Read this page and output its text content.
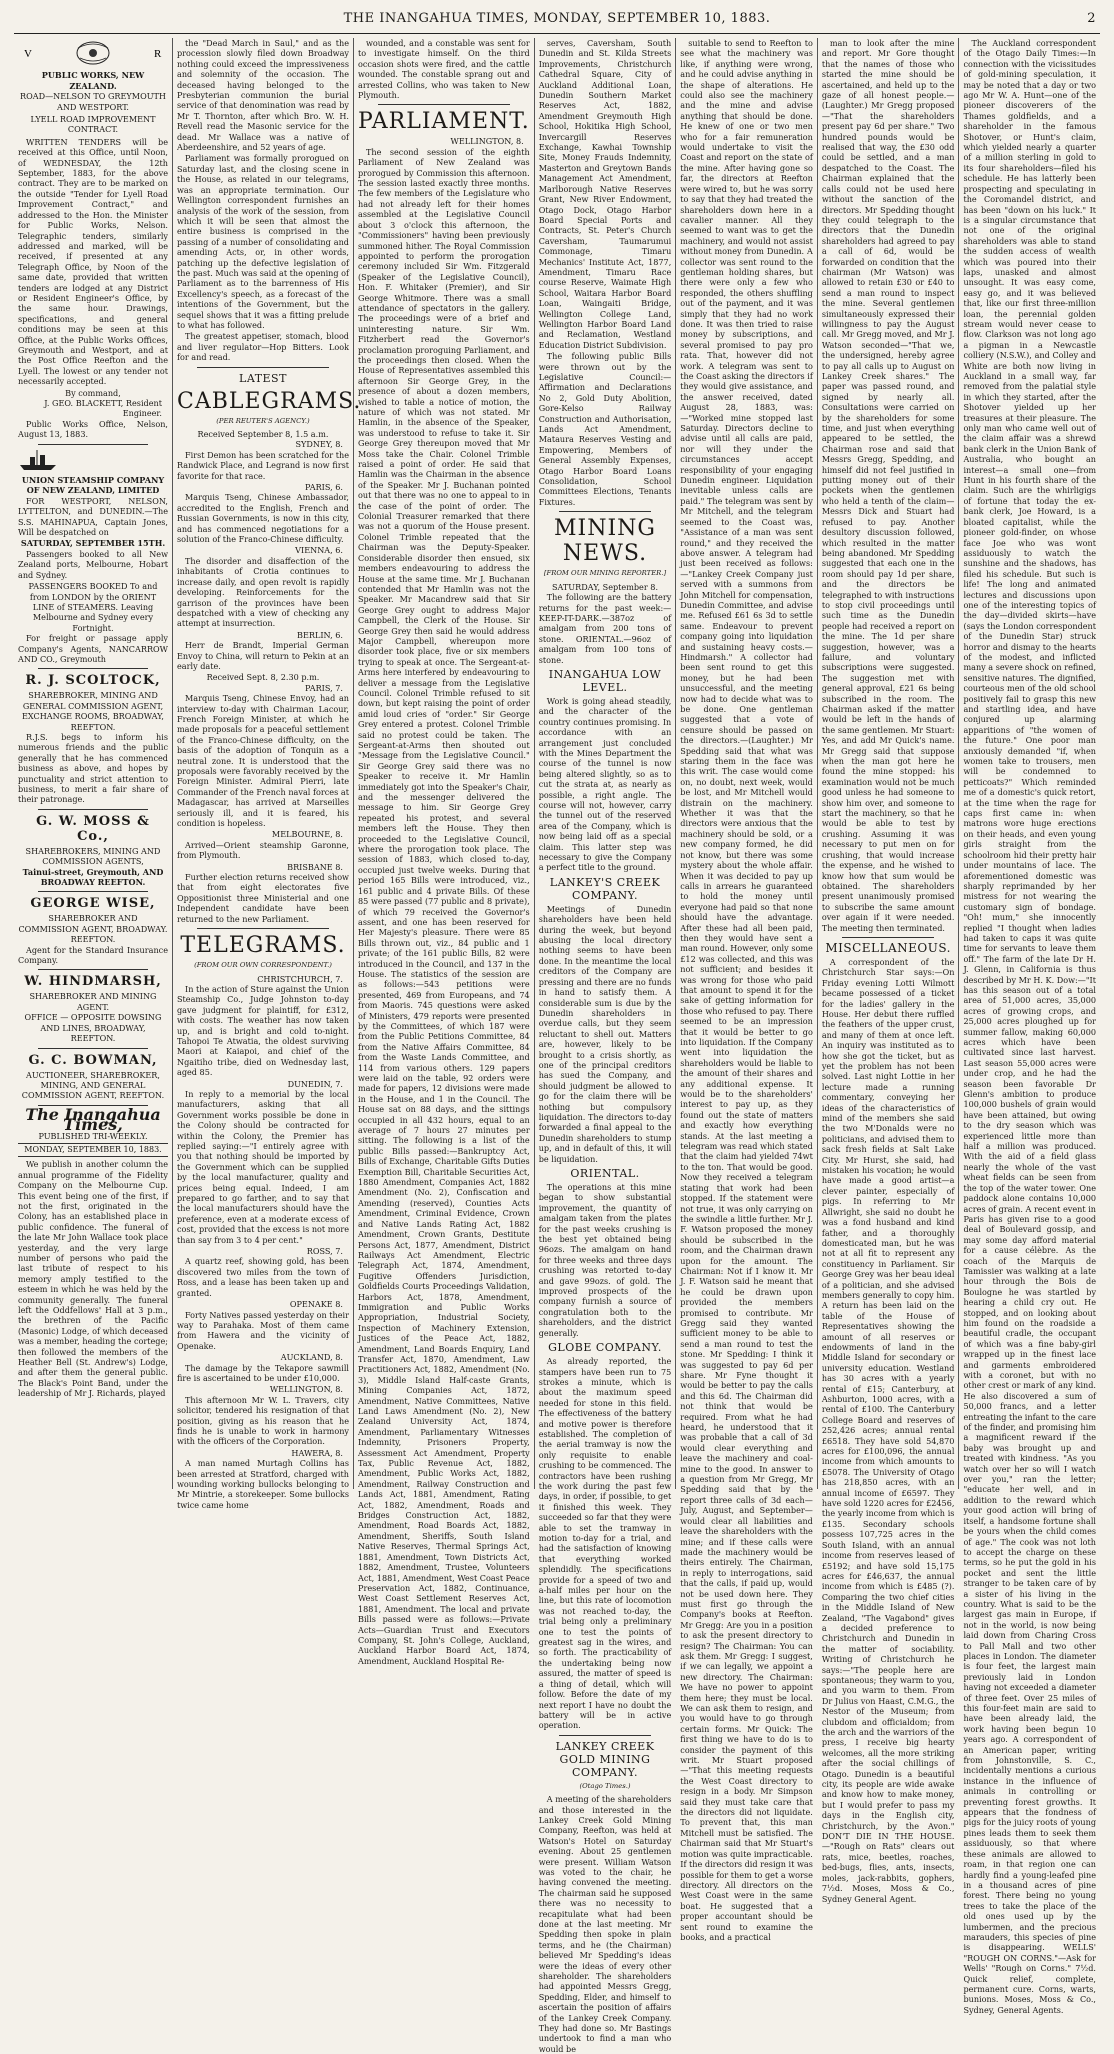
THE INANGAHUA TIMES, MONDAY, SEPTEMBER 10, 1883.	2
V	R
PUBLIC WORKS, NEW ZEALAND.
ROAD—NELSON TO GREYMOUTH AND WESTPORT.
LYELL ROAD IMPROVEMENT CONTRACT.
WRITTEN TENDERS will be received at this Office, until Noon, of WEDNESDAY, the 12th September, 1883, for the above contract. They are to be marked on the outside "Tender for Lyell Road Improvement Contract," and addressed to the Hon. the Minister for Public Works, Nelson. Telegraphic tenders, similarly addressed and marked, will be received, if presented at any Telegraph Office, by Noon of the same date, provided that written tenders are lodged at any District or Resident Engineer's Office, by the same hour. Drawings, specifications, and general conditions may be seen at this Office, at the Public Works Offices, Greymouth and Westport, and at the Post Office Reefton and the Lyell. The lowest or any tender not necessarily accepted.
By command,
J. GEO. BLACKETT, Resident Engineer.
Public Works Office, Nelson, August 13, 1883.
UNION STEAMSHIP COMPANY OF NEW ZEALAND, LIMITED
FOR WESTPORT, NELSON, LYTTELTON, and DUNEDIN.—The S.S. MAHINAPUA, Captain Jones, Will be despatched on
SATURDAY, SEPTEMBER 15TH.
Passengers booked to all New Zealand ports, Melbourne, Hobart and Sydney.
PASSENGERS BOOKED To and from LONDON by the ORIENT LINE of STEAMERS. Leaving Melbourne and Sydney every Fortnight.
For freight or passage apply Company's Agents, NANCARROW AND CO., Greymouth
R. J. SCOLTOCK,
SHAREBROKER, MINING AND GENERAL COMMISSION AGENT, EXCHANGE ROOMS, BROADWAY, REEFTON.
R.J.S. begs to inform his numerous friends and the public generally that he has commenced business as above, and hopes by punctuality and strict attention to business, to merit a fair share of their patronage.
G. W. MOSS & Co.,
SHAREBROKERS, MINING AND COMMISSION AGENTS,
Tainui-street, Greymouth, AND BROADWAY REEFTON.
GEORGE WISE,
SHAREBROKER AND COMMISSION AGENT, BROADWAY. REEFTON.
Agent for the Standard Insurance Company.
W. HINDMARSH,
SHAREBROKER AND MINING AGENT.
OFFICE — OPPOSITE DOWSING AND LINES, BROADWAY, REEFTON.
G. C. BOWMAN,
AUCTIONEER, SHAREBROKER, MINING, AND GENERAL COMMISSION AGENT, REEFTON.
The Inangahua Times,
PUBLISHED TRI-WEEKLY.
MONDAY, SEPTEMBER 10, 1883.
We publish in another column the annual programme of the Fidelity Company on the Melbourne Cup. This event being one of the first, if not the first, originated in the Colony, has an established place in public confidence. The funeral of the late Mr John Wallace took place yesterday, and the very large number of persons who paid the last tribute of respect to his memory amply testified to the esteem in which he was held by the community generally. The funeral left the Oddfellows' Hall at 3 p.m., the brethren of the Pacific (Masonic) Lodge, of which deceased was a member, heading the cortege; then followed the members of the Heather Bell (St. Andrew's) Lodge, and after them the general public. The Black's Point Band, under the leadership of Mr J. Richards, played
the "Dead March in Saul," and as the procession slowly filed down Broadway nothing could exceed the impressiveness and solemnity of the occasion. The deceased having belonged to the Presbyterian communion the burial service of that denomination was read by Mr T. Thornton, after which Bro. W. H. Revell read the Masonic service for the dead. Mr Wallace was a native of Aberdeenshire, and 52 years of age.
Parliament was formally prorogued on Saturday last, and the closing scene in the House, as related in our telegrams, was an appropriate termination. Our Wellington correspondent furnishes an analysis of the work of the session, from which it will be seen that almost the entire business is comprised in the passing of a number of consolidating and amending Acts, or, in other words, patching up the defective legislation of the past. Much was said at the opening of Parliament as to the barrenness of His Excellency's speech, as a forecast of the intentions of the Government, but the sequel shows that it was a fitting prelude to what has followed.
The greatest appetiser, stomach, blood and liver regulator—Hop Bitters. Look for and read.
LATEST
CABLEGRAMS.
(PER REUTER'S AGENCY.)
Received September 8, 1.5 a.m.
SYDNEY, 8.
First Demon has been scratched for the Randwick Place, and Legrand is now first favorite for that race.
PARIS, 6.
Marquis Tseng, Chinese Ambassador, accredited to the English, French and Russian Governments, is now in this city, and has commenced negotiations for a solution of the Franco-Chinese difficulty.
VIENNA, 6.
The disorder and disaffection of the inhabitants of Crotia continues to increase daily, and open revolt is rapidly developing. Reinforcements for the garrison of the provinces have been despatched with a view of checking any attempt at insurrection.
BERLIN, 6.
Herr de Brandt, Imperial German Envoy to China, will return to Pekin at an early date.
Received Sept. 8, 2.30 p.m.
PARIS, 7.
Marquis Tseng, Chinese Envoy, had an interview to-day with Chairman Lacour, French Foreign Minister, at which he made proposals for a peaceful settlement of the Franco-Chinese difficulty, on the basis of the adoption of Tonquin as a neutral zone. It is understood that the proposals were favorably received by the Foreign Minister. Admiral Pierri, late Commander of the French naval forces at Madagascar, has arrived at Marseilles seriously ill, and it is feared, his condition is hopeless.
MELBOURNE, 8.
Arrived—Orient steamship Garonne, from Plymouth.
BRISBANE 8.
Further election returns received show that from eight electorates five Oppositionist three Ministerial and one Independent candidate have been returned to the new Parliament.
TELEGRAMS.
(FROM OUR OWN CORRESPONDENT.)
CHRISTCHURCH, 7.
In the action of Sture against the Union Steamship Co., Judge Johnston to-day gave judgment for plaintiff, for £312, with costs. The weather has now taken up, and is bright and cold to-night. Tahopoi Te Atwatia, the oldest surviving Maori at Kaiapoi, and chief of the Ngaitiho tribe, died on Wednesday last, aged 85.
DUNEDIN, 7.
In reply to a memorial by the local manufacturers, asking that all Government works possible be done in the Colony should be contracted for within the Colony, the Premier has replied saying:—"I entirely agree with you that nothing should be imported by the Government which can be supplied by the local manufacturer, quality and prices being equal. Indeed, I am prepared to go farther, and to say that the local manufacturers should have the preference, even at a moderate excess of cost, provided that the excess is not more than say from 3 to 4 per cent."
ROSS, 7.
A quartz reef, showing gold, has been discovered two miles from the town of Ross, and a lease has been taken up and granted.
OPENAKE 8.
Forty Natives passed yesterday on their way to Parahaka. Most of them came from Hawera and the vicinity of Openake.
AUCKLAND, 8.
The damage by the Tekapore sawmill fire is ascertained to be under £10,000.
WELLINGTON, 8.
This afternoon Mr W. L. Travers, city solicitor, tendered his resignation of that position, giving as his reason that he finds he is unable to work in harmony with the officers of the Corporation.
HAWERA, 8.
A man named Murtagh Collins has been arrested at Stratford, charged with wounding working bullocks belonging to Mr Mintrie, a storekeeper. Some bullocks twice came home
wounded, and a constable was sent for to investigate himself. On the third occasion shots were fired, and the cattle wounded. The constable sprang out and arrested Collins, who was taken to New Plymouth.
PARLIAMENT.
WELLINGTON, 8.
The second session of the eighth Parliament of New Zealand was prorogued by Commission this afternoon. The session lasted exactly three months. The few members of the Legislature who had not already left for their homes assembled at the Legislative Council about 3 o'clock this afternoon, the "Commissioners" having been previously summoned hither. The Royal Commission appointed to perform the prorogation ceremony included Sir Wm. Fitzgerald (Speaker of the Legislative Council), Hon. F. Whitaker (Premier), and Sir George Whitmore. There was a small attendance of spectators in the gallery. The proceedings were of a brief and uninteresting nature. Sir Wm. Fitzherbert read the Governor's proclamation proroguing Parliament, and the proceedings then closed. When the House of Representatives assembled this afternoon Sir George Grey, in the presence of about a dozen members, wished to table a notice of motion, the nature of which was not stated. Mr Hamlin, in the absence of the Speaker, was understood to refuse to take it. Sir George Grey thereupon moved that Mr Moss take the Chair. Colonel Trimble raised a point of order. He said that Hamlin was the Chairman in the absence of the Speaker. Mr J. Buchanan pointed out that there was no one to appeal to in the case of the point of order. The Colonial Treasurer remarked that there was not a quorum of the House present. Colonel Trimble repeated that the Chairman was the Deputy-Speaker. Considerable disorder then ensued, six members endeavouring to address the House at the same time. Mr J. Buchanan contended that Mr Hamlin was not the Speaker. Mr Macandrew said that Sir George Grey ought to address Major Campbell, the Clerk of the House. Sir George Grey then said he would address Major Campbell, whereupon more disorder took place, five or six members trying to speak at once. The Sergeant-at-Arms here interfered by endeavouring to deliver a message from the Legislative Council. Colonel Trimble refused to sit down, but kept raising the point of order amid loud cries of "order." Sir George Grey entered a protest. Colonel Trimble said no protest could be taken. The Sergeant-at-Arms then shouted out "Message from the Legislative Council." Sir George Grey said there was no Speaker to receive it. Mr Hamlin immediately got into the Speaker's Chair, and the messenger delivered the message to him. Sir George Grey repeated his protest, and several members left the House. They then proceeded to the Legislative Council, where the prorogation took place. The session of 1883, which closed to-day, occupied just twelve weeks. During that period 165 Bills were introduced, viz., 161 public and 4 private Bills. Of these 85 were passed (77 public and 8 private), of which 79 received the Governor's assent, and one has been reserved for Her Majesty's pleasure. There were 85 Bills thrown out, viz., 84 public and 1 private; of the 161 public Bills, 82 were introduced in the Council, and 137 in the House. The statistics of the session are as follows:—543 petitions were presented, 469 from Europeans, and 74 from Maoris. 745 questions were asked of Ministers, 479 reports were presented by the Committees, of which 187 were from the Public Petitions Committee, 84 from the Native Affairs Committee, 84 from the Waste Lands Committee, and 114 from various others. 129 papers were laid on the table, 92 orders were made for papers, 12 divisions were made in the House, and 1 in the Council. The House sat on 88 days, and the sittings occupied in all 432 hours, equal to an average of 7 hours 27 minutes per sitting. The following is a list of the public Bills passed:—Bankruptcy Act, Bills of Exchange, Charitable Gifts Duties Exemption Bill, Charitable Securities Act, 1880 Amendment, Companies Act, 1882 Amendment (No. 2), Confiscation and Amending (reserved), Counties Acts Amendment, Criminal Evidence, Crown and Native Lands Rating Act, 1882 Amendment, Crown Grants, Destitute Persons Act, 1877, Amendment, District Railways Act Amendment, Electric Telegraph Act, 1874, Amendment, Fugitive Offenders Jurisdiction, Goldfields Courts Proceedings Validation, Harbors Act, 1878, Amendment, Immigration and Public Works Appropriation, Industrial Society, Inspection of Machinery Extension, Justices of the Peace Act, 1882, Amendment, Land Boards Enquiry, Land Transfer Act, 1870, Amendment, Law Practitioners Act, 1882, Amendment (No. 3), Middle Island Half-caste Grants, Mining Companies Act, 1872, Amendment, Native Committees, Native Land Laws Amendment (No. 2), New Zealand University Act, 1874, Amendment, Parliamentary Witnesses Indemnity, Prisoners Property, Assessment Act Amendment, Property Tax, Public Revenue Act, 1882, Amendment, Public Works Act, 1882, Amendment, Railway Construction and Lands Act, 1881, Amendment, Rating Act, 1882, Amendment, Roads and Bridges Construction Act, 1882, Amendment, Road Boards Act, 1882, Amendment, Sheriffs, South Island Native Reserves, Thermal Springs Act, 1881, Amendment, Town Districts Act, 1882, Amendment, Trustee, Volunteers Act, 1881, Amendment, West Coast Peace Preservation Act, 1882, Continuance, West Coast Settlement Reserves Act, 1881, Amendment. The local and private Bills passed were as follows:—Private Acts—Guardian Trust and Executors Company, St. John's College, Auckland, Auckland Harbor Board Act, 1874, Amendment, Auckland Hospital Re-
serves, Caversham, South Dunedin and St. Kilda Streets Improvements, Christchurch Cathedral Square, City of Auckland Additional Loan, Dunedin Southern Market Reserves Act, 1882, Amendment Greymouth High School, Hokitika High School, Invercargill Reserves Exchange, Kawhai Township Site, Money Frauds Indemnity, Masterton and Greytown Bands Management Act Amendment, Marlborough Native Reserves Grant, New River Endowment, Otago Dock, Otago Harbor Board Special Ports and Contracts, St. Peter's Church Caversham, Taumarumui Commonage, Timaru Mechanics' Institute Act, 1877, Amendment, Timaru Race course Reserve, Waimate High School, Waitara Harbor Board Loan, Waingaiti Bridge, Wellington College Land, Wellington Harbor Board Land and Reclamation, Westland Education District Subdivision.
The following public Bills were thrown out by the Legislative Council:—Affirmation and Declarations No 2, Gold Duty Abolition, Gore-Kelso Railway Construction and Authorisation, Lands Act Amendment, Mataura Reserves Vesting and Empowering, Members of General Assembly Expenses, Otago Harbor Board Loans Consolidation, School Committees Elections, Tenants Fixtures.
MINING NEWS.
[FROM OUR MINING REPORTER.]
SATURDAY, September 8.
The following are the battery returns for the past week:— KEEP-IT-DARK.—387oz of amalgam from 200 tons of stone. ORIENTAL.—96oz of amalgam from 100 tons of stone.
INANGAHUA LOW LEVEL.
Work is going ahead steadily, and the character of the country continues promising. In accordance with an arrangement just concluded with the Mines Department the course of the tunnel is now being altered slightly, so as to cut the strata at, as nearly as possible, a right angle. The course will not, however, carry the tunnel out of the reserved area of the Company, which is now being laid off as a special claim. This latter step was necessary to give the Company a perfect title to the ground.
LANKEY'S CREEK COMPANY.
Meetings of Dunedin shareholders have been held during the week, but beyond abusing the local directory nothing seems to have been done. In the meantime the local creditors of the Company are pressing and there are no funds in hand to satisfy them. A considerable sum is due by the Dunedin shareholders in overdue calls, but they seem reluctant to shell out. Matters are, however, likely to be brought to a crisis shortly, as one of the principal creditors has sued the Company, and should judgment be allowed to go for the claim there will be nothing but compulsory liquidation. The directors to-day forwarded a final appeal to the Dunedin shareholders to stump up, and in default of this, it will be liquidation.
ORIENTAL.
The operations at this mine began to show substantial improvement, the quantity of amalgam taken from the plates for the past weeks crushing is the best yet obtained being 96ozs. The amalgam on hand for three weeks and three days crushing was retorted to-day and gave 99ozs. of gold. The improved prospects of the company furnish a source of congratulation both to the shareholders, and the district generally.
GLOBE COMPANY.
As already reported, the stampers have been run to 75 strokes a minute, which is about the maximum speed needed for stone in this field. The effectiveness of the battery and motive power is therefore established. The completion of the aerial tramway is now the only requisite to enable crushing to be commenced. The contractors have been rushing the work during the past few days, in order, if possible, to get it finished this week. They succeeded so far that they were able to set the tramway in motion to-day for a trial, and had the satisfaction of knowing that everything worked splendidly. The specifications provide for a speed of two and a-half miles per hour on the line, but this rate of locomotion was not reached to-day, the trial being only a preliminary one to test the points of greatest sag in the wires, and so forth. The practicability of the undertaking being now assured, the matter of speed is a thing of detail, which will follow. Before the date of my next report I have no doubt the battery will be in active operation.
LANKEY CREEK GOLD MINING COMPANY.
(Otago Times.)
A meeting of the shareholders and those interested in the Lankey Creek Gold Mining Company, Reefton, was held at Watson's Hotel on Saturday evening. About 25 gentlemen were present. William Watson was voted to the chair, he having convened the meeting. The chairman said he supposed there was no necessity to recapitulate what had been done at the last meeting. Mr Spedding then spoke in plain terms, and he (the Chairman) believed Mr Spedding's ideas were the ideas of every other shareholder. The shareholders had appointed Messrs Gregg, Spedding, Elder, and himself to ascertain the position of affairs of the Lankey Creek Company. They had done so. Mr Bastings undertook to find a man who would be
suitable to send to Reefton to see what the machinery was like, if anything were wrong, and he could advise anything in the shape of alterations. He could also see the machinery and the mine and advise anything that should be done. He knew of one or two men who for a fair remuneration would undertake to visit the Coast and report on the state of the mine. After having gone so far, the directors at Reefton were wired to, but he was sorry to say that they had treated the shareholders down here in a cavalier manner. All they seemed to want was to get the machinery, and would not assist without money from Dunedin. A collector was sent round to the gentleman holding shares, but there were only a few who responded, the others shuffling out of the payment, and it was simply that they had no work done. It was then tried to raise money by subscriptions, and several promised to pay pro rata. That, however did not work. A telegram was sent to the Coast asking the directors if they would give assistance, and the answer received, dated August 28, 1883, was:—"Worked mine stopped last Saturday. Directors decline to advise until all calls are paid, nor will they under the circumstances accept responsibility of your engaging Dunedin engineer. Liquidation inevitable unless calls are paid." The telegram was sent by Mr Mitchell, and the telegram seemed to the Coast was, "Assistance of a man was sent round," and they received the above answer. A telegram had just been received as follows:—"Lankey Creek Company just served with a summons from John Mitchell for compensation, Dunedin Committee, and advise me. Refused £61 6s 3d to settle same. Endeavour to prevent company going into liquidation and sustaining heavy costs.—Hindmarsh." A collector had been sent round to get this money, but he had been unsuccessful, and the meeting now had to decide what was to be done. One gentleman suggested that a vote of censure should be passed on the directors.—(Laughter.) Mr Spedding said that what was staring them in the face was this writ. The case would come on, no doubt, next week, would be lost, and Mr Mitchell would distrain on the machinery. Whether it was that the directors were anxious that the machinery should be sold, or a new company formed, he did not know, but there was some mystery about the whole affair. When it was decided to pay up calls in arrears he guaranteed to hold the money until everyone had paid so that none should have the advantage. After these had all been paid, then they would have sent a man round. However, only some £12 was collected, and this was not sufficient; and besides it was wrong for those who paid that amount to spend it for the sake of getting information for those who refused to pay. There seemed to be an impression that it would be better to go into liquidation. If the Company went into liquidation the shareholders would be liable to the amount of their shares and any additional expense. It would be to the shareholders' interest to pay up, as they found out the state of matters and exactly how everything stands. At the last meeting a telegram was read which stated that the claim had yielded 74wt to the ton. That would be good. Now they received a telegram stating that work had been stopped. If the statement were not true, it was only carrying on the swindle a little further. Mr J. F. Watson proposed the money should be subscribed in the room, and the Chairman drawn upon for the amount. The Chairman: Not if I know it. Mr J. F. Watson said he meant that he could be drawn upon provided the members promised to contribute. Mr Gregg said they wanted sufficient money to be able to send a man round to test the stone. Mr Spedding: I think it was suggested to pay 6d per share. Mr Fyne thought it would be better to pay the calls and this 6d. The Chairman did not think that would be required. From what he had heard, he understood that it was probable that a call of 3d would clear everything and leave the machinery and coal-mine to the good. In answer to a question from Mr Gregg, Mr Spedding said that by the report three calls of 3d each—July, August, and September—would clear all liabilities and leave the shareholders with the mine; and if these calls were made the machinery would be theirs entirely. The Chairman, in reply to interrogations, said that the calls, if paid up, would not be used down here. They must first go through the Company's books at Reefton. Mr Gregg: Are you in a position to ask the present directory to resign? The Chairman: You can ask them. Mr Gregg: I suggest, if we can legally, we appoint a new directory. The Chairman: We have no power to appoint them here; they must be local. We can ask them to resign, and you would have to go through certain forms. Mr Quick: The first thing we have to do is to consider the payment of this writ. Mr Stuart proposed—"That this meeting requests the West Coast directory to resign in a body. Mr Simpson said they must take care that the directors did not liquidate. To prevent that, this man Mitchell must be satisfied. The Chairman said that Mr Stuart's motion was quite impracticable. If the directors did resign it was possible for them to get a worse directory. All directors on the West Coast were in the same boat. He suggested that a proper accountant should be sent round to examine the books, and a practical
man to look after the mine and report. Mr Gore thought that the names of those who started the mine should be ascertained, and held up to the gaze of all honest people.—(Laughter.) Mr Gregg proposed—"That the shareholders present pay 6d per share." Two hundred pounds would be realised that way, the £30 odd could be settled, and a man despatched to the Coast. The Chairman explained that the calls could not be used here without the sanction of the directors. Mr Spedding thought they could telegraph to the directors that the Dunedin shareholders had agreed to pay a call of 6d, would be forwarded on condition that the chairman (Mr Watson) was allowed to retain £30 or £40 to send a man round to inspect the mine. Several gentlemen simultaneously expressed their willingness to pay the August call. Mr Gregg moved, and Mr J. Watson seconded—"That we, the undersigned, hereby agree to pay all calls up to August on Lankey Creek shares." The paper was passed round, and signed by nearly all. Consultations were carried on by the shareholders for some time, and just when everything appeared to be settled, the Chairman rose and said that Messrs Gregg, Spedding, and himself did not feel justified in putting money out of their pockets when the gentlemen who held a tenth of the claim—Messrs Dick and Stuart had refused to pay. Another desultory discussion followed, which resulted in the matter being abandoned. Mr Spedding suggested that each one in the room should pay 1d per share, and the directors be telegraphed to with instructions to stop civil proceedings until such time as the Dunedin people had received a report on the mine. The 1d per share suggestion, however, was a failure, and voluntary subscriptions were suggested. The suggestion met with general approval, £21 6s being subscribed in the room. The Chairman asked if the matter would be left in the hands of the same gentlemen. Mr Stuart: Yes, and add Mr Quick's name. Mr Gregg said that suppose when the man got here he found the mine stopped: his examination would not be much good unless he had someone to show him over, and someone to start the machinery, so that he would be able to test by crushing. Assuming it was necessary to put men on for crushing, that would increase the expense, and he wished to know how that sum would be obtained. The shareholders present unanimously promised to subscribe the same amount over again if it were needed. The meeting then terminated.
MISCELLANEOUS.
A correspondent of the Christchurch Star says:—On Friday evening Lotti Wilmott became possessed of a ticket for the ladies' gallery in the House. Her debut there ruffled the feathers of the upper crust, and many of them at once left. An inquiry was instituted as to how she got the ticket, but as yet the problem has not been solved. Last night Lottie in her lecture made a running commentary, conveying her ideas of the characteristics of mind of the members she said the two M'Donalds were no politicians, and advised them to sack fresh fields at Salt Lake City. Mr Hurst, she said, had mistaken his vocation; he would have made a good artist—a clever painter, especially of pigs. In referring to Mr Allwright, she said no doubt he was a fond husband and kind father, and a thoroughly domesticated man, but he was not at all fit to represent any constituency in Parliament. Sir George Grey was her beau ideal of a politician, and she advised members generally to copy him. A return has been laid on the table of the House of Representatives showing the amount of all reserves or endowments of land in the Middle Island for secondary or university education. Westland has 30 acres with a yearly rental of £15; Canterbury, at Ashburton, 1000 acres, with a rental of £100. The Canterbury College Board and reserves of 252,426 acres; annual rental £6518. They have sold 54,870 acres for £100,096, the annual income from which amounts to £5078. The University of Otago has 218,850 acres, with an annual income of £6597. They have sold 1220 acres for £2456, the yearly income from which is £135. Secondary schools possess 107,725 acres in the South Island, with an annual income from reserves leased of £5192; and have sold 15,175 acres for £46,637, the annual income from which is £485 (?). Comparing the two chief cities in the Middle Island of New Zealand, "The Vagabond" gives a decided preference to Christchurch and Dunedin in the matter of sociability. Writing of Christchurch he says:—"The people here are spontaneous; they warm to you, and you warm to them. From Dr Julius von Haast, C.M.G., the Nestor of the Museum; from clubdom and officialdom; from the arch and the warriors of the press, I receive big hearty welcomes, all the more striking after the social chillings of Otago. Dunedin is a beautiful city, its people are wide awake and know how to make money, but I would prefer to pass my days in the English city, Christchurch, by the Avon." DON'T DIE IN THE HOUSE.—"Rough on Rats" clears out rats, mice, beetles, roaches, bed-bugs, flies, ants, insects, moles, jack-rabbits, gophers, 7½d. Moses, Moss & Co., Sydney General Agent.
The Auckland correspondent of the Otago Daily Times:—In connection with the vicissitudes of gold-mining speculation, it may be noted that a day or two ago Mr W. A. Hunt—one of the pioneer discoverers of the Thames goldfields, and a shareholder in the famous Shotover, or Hunt's claim, which yielded nearly a quarter of a million sterling in gold to its four shareholders—filed his schedule. He has latterly been prospecting and speculating in the Coromandel district, and has been "down on his luck." It is a singular circumstance that not one of the original shareholders was able to stand the sudden access of wealth which was poured into their laps, unasked and almost unsought. It was easy come, easy go, and it was believed that, like our first three-million loan, the perennial golden stream would never cease to flow. Clarkson was not long ago a pigman in a Newcastle colliery (N.S.W.), and Colley and White are both now living in Auckland in a small way, far removed from the palatial style in which they started, after the Shotover yielded up her treasures at their pleasure. The only man who came well out of the claim affair was a shrewd bank clerk in the Union Bank of Australia, who bought an interest—a small one—from Hunt in his fourth share of the claim. Such are the whirligigs of fortune that today the ex-bank clerk, Joe Howard, is a bloated capitalist, while the pioneer gold-finder, on whose face Joe who was wont assiduously to watch the sunshine and the shadows, has filed his schedule. But such is life! The long and animated lectures and discussions upon one of the interesting topics of the day—divided skirts—have (says the London correspondent of the Dunedin Star) struck horror and dismay to the hearts of the modest, and inflicted many a severe shock on refined, sensitive natures. The dignified, courteous men of the old school positively fail to grasp this new and startling idea, and have conjured up alarming apparitions of "the women of the future." One poor man anxiously demanded "if, when women take to trousers, men will be condemned to petticoats?" Which reminded me of a domestic's quick retort, at the time when the rage for caps first came in: when matrons wore huge erections on their heads, and even young girls straight from the schoolroom hid their pretty hair under mountains of lace. The aforementioned domestic was sharply reprimanded by her mistress for not wearing the customary sign of bondage. "Oh! mum," she innocently replied "I thought when ladies had taken to caps it was quite time for servants to leave them off." The farm of the late Dr H. J. Glenn, in California is thus described by Mr H. K. Dow:—"It has this season out of a total area of 51,000 acres, 35,000 acres of growing crops, and 25,000 acres ploughed up for summer fallow, making 60,000 acres which have been cultivated since last harvest. Last season 55,000 acres were under crop, and he had the season been favorable Dr Glenn's ambition to produce 100,000 bushels of grain would have been attained, but owing to the dry season which was experienced little more than half a million was produced. With the aid of a field glass nearly the whole of the vast wheat fields can be seen from the top of the water tower. One paddock alone contains 10,000 acres of grain. A recent event in Paris has given rise to a good deal of Boulevard gossip, and may some day afford material for a cause célèbre. As the coach of the Marquis de Tamissier was walking at a late hour through the Bois de Boulogne he was startled by hearing a child cry out. He stopped, and on looking about him found on the roadside a beautiful cradle, the occupant of which was a fine baby-girl wrapped up in the finest lace and garments embroidered with a coronet, but with no other crest or mark of any kind. He also discovered a sum of 50,000 francs, and a letter entreating the infant to the care of the finder, and promising him a magnificent reward if the baby was brought up and treated with kindness. "As you watch over her so will I watch over you," ran the letter; "educate her well, and in addition to the reward which your good action will bring of itself, a handsome fortune shall be yours when the child comes of age." The cook was not loth to accept the charge on these terms, so he put the gold in his pocket and sent the little stranger to be taken care of by a sister of his living in the country. What is said to be the largest gas main in Europe, if not in the world, is now being laid down from Charing Cross to Pall Mall and two other places in London. The diameter is four feet, the largest main previously laid in London having not exceeded a diameter of three feet. Over 25 miles of this four-feet main are said to have been already laid, the work having been begun 10 years ago. A correspondent of an American paper, writing from Johnstonville, S. C., incidentally mentions a curious instance in the influence of animals in controlling or preventing forest growths. It appears that the fondness of pigs for the juicy roots of young pines leads them to seek them assiduously, so that where these animals are allowed to roam, in that region one can hardly find a young-leafed pine in a thousand acres of pine forest. There being no young trees to take the place of the old ones used up by the lumbermen, and the precious marauders, this species of pine is disappearing. WELLS' "ROUGH ON CORNS."—Ask for Wells' "Rough on Corns." 7½d. Quick relief, complete, permanent cure. Corns, warts, bunions. Moses, Moss & Co., Sydney, General Agents.
